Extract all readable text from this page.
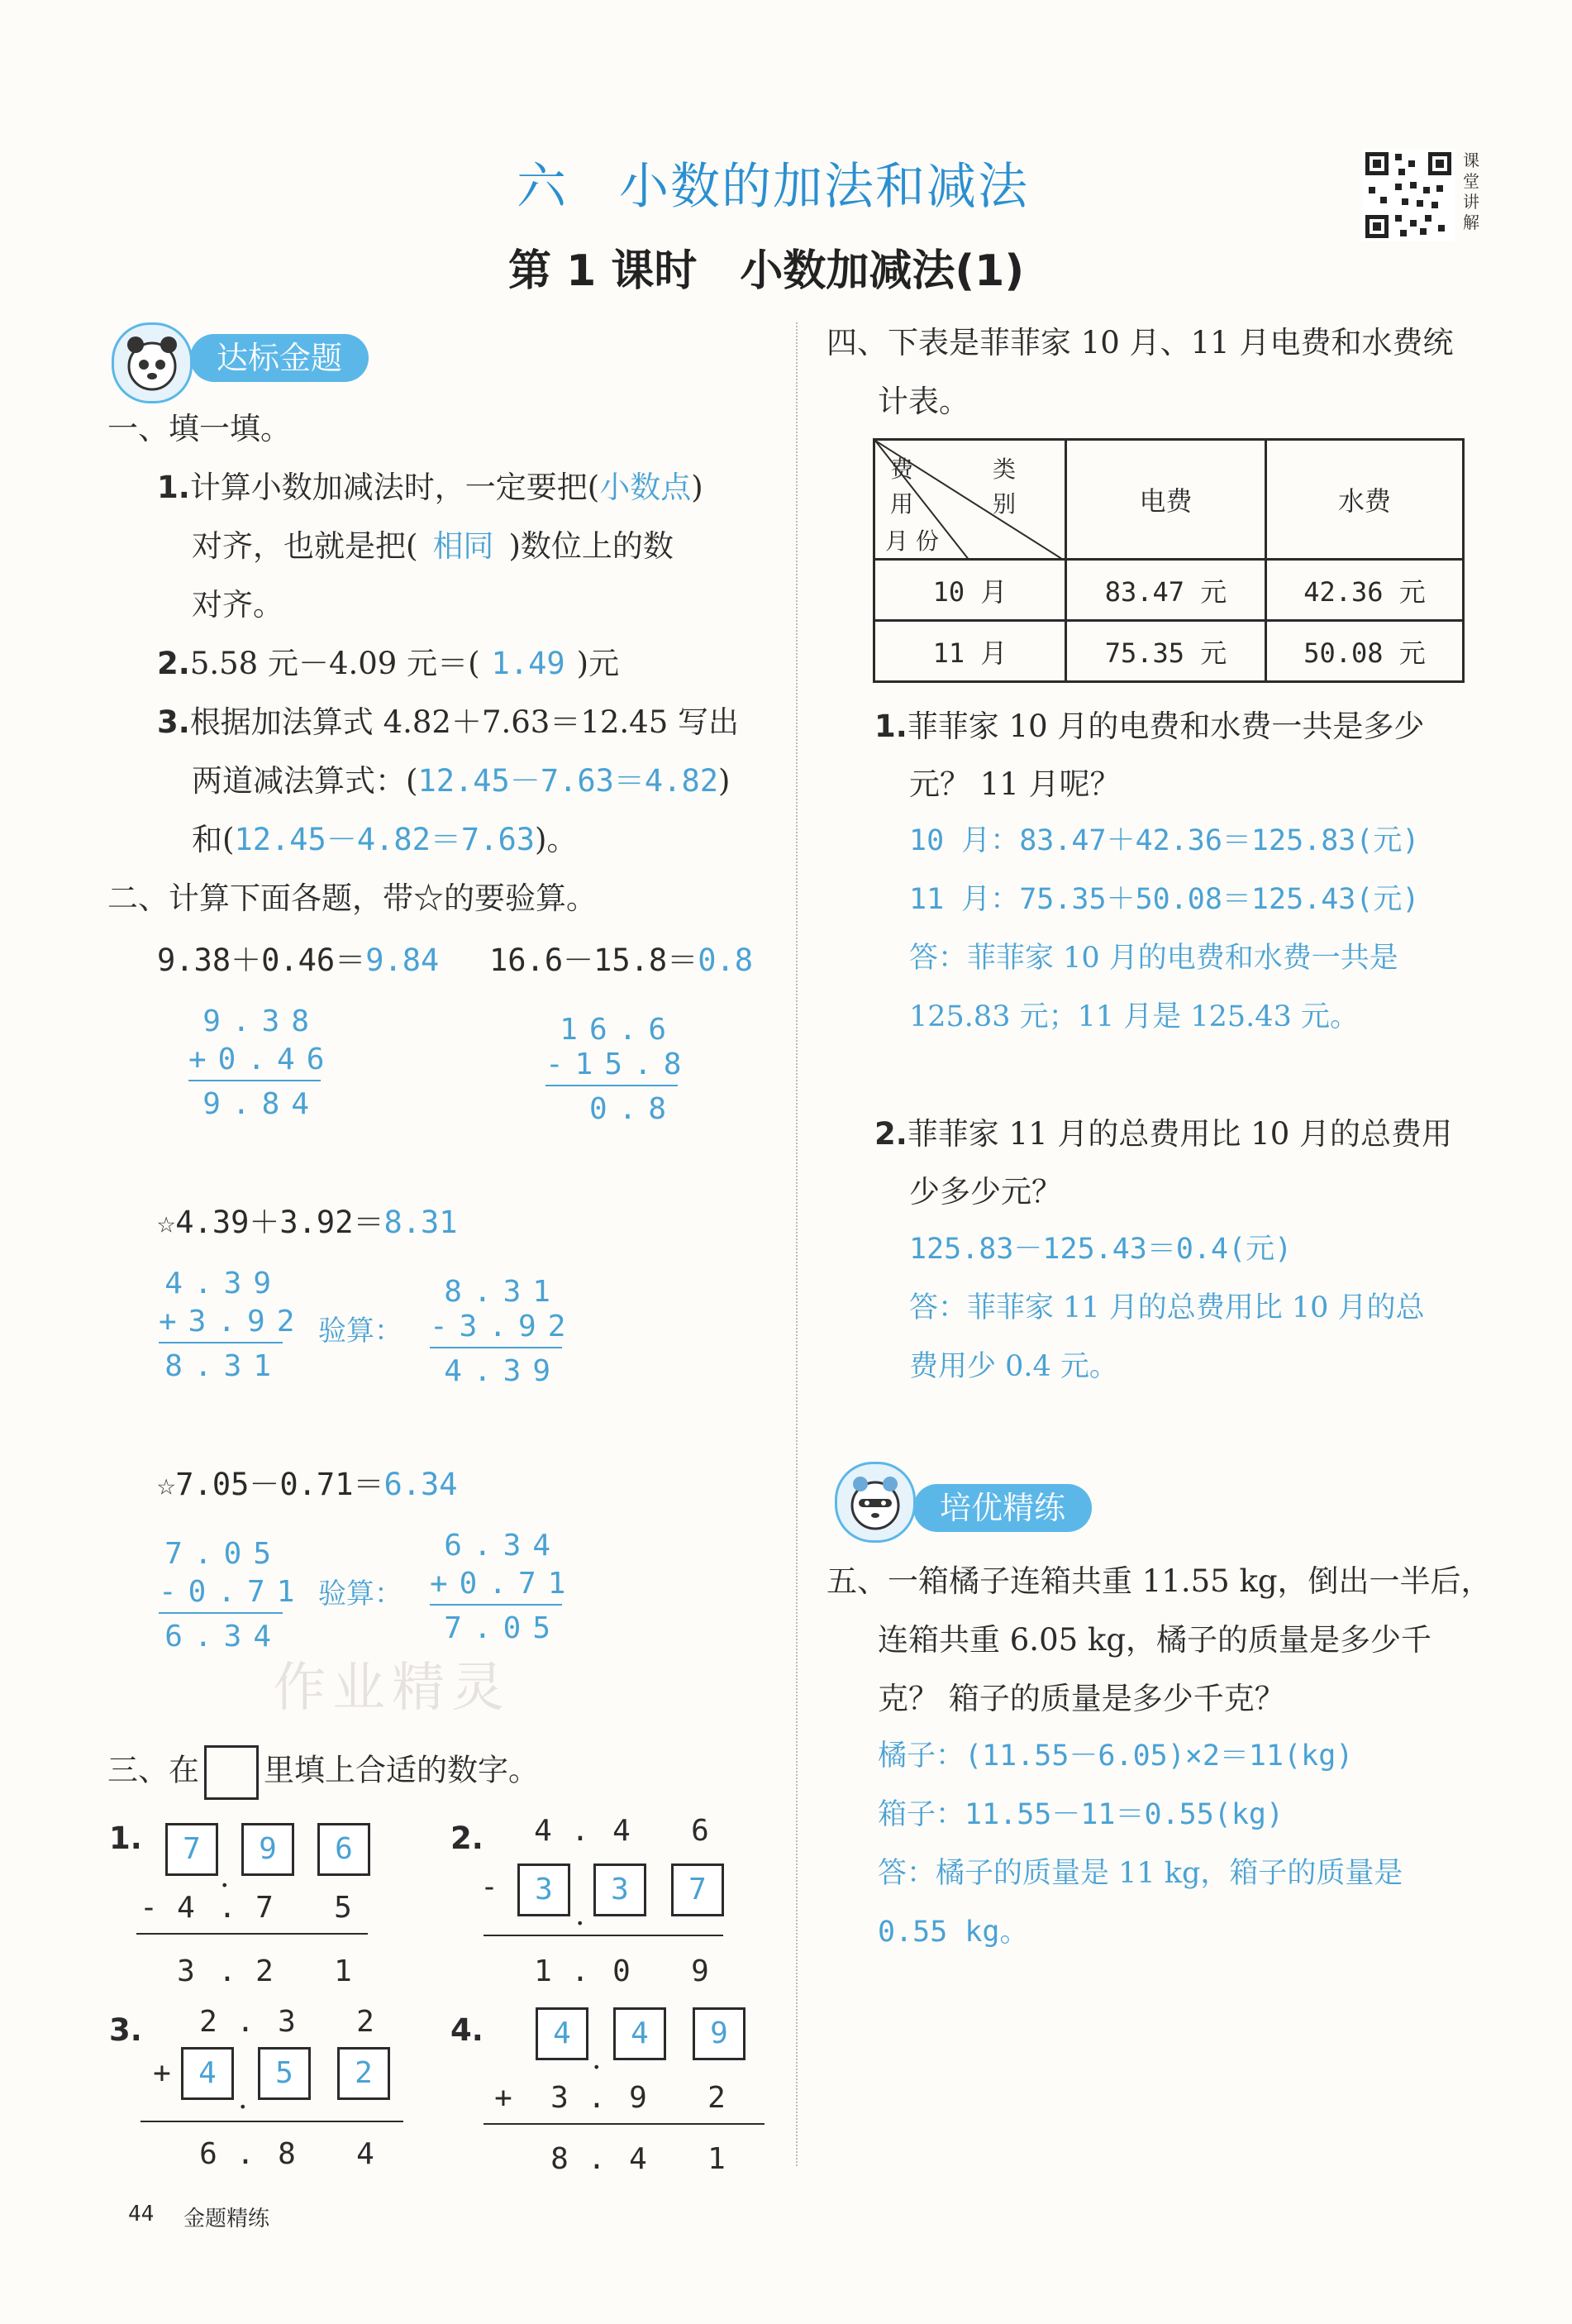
六　小数的加法和减法
第 1 课时　小数加减法(1)
课堂讲解
达标金题
一、填一填。
1.计算小数加减法时，一定要把(小数点)
对齐，也就是把( 相同 )数位上的数
对齐。
2.5.58 元－4.09 元＝( 1.49 )元
3.根据加法算式 4.82＋7.63＝12.45 写出
两道减法算式：(12.45－7.63＝4.82)
和(12.45－4.82＝7.63)。
二、计算下面各题，带☆的要验算。
9.38＋0.46＝9.84 16.6－15.8＝0.8
9.38
+0.46
9.84
16.6
-15.8
0.8
☆4.39＋3.92＝8.31
4.39
+3.92
8.31
验算：
8.31
-3.92
4.39
☆7.05－0.71＝6.34
7.05
-0.71
6.34
验算：
6.34
+0.71
7.05
作业精灵
三、在 里填上合适的数字。
1.	7
.
9	6
- 4 . 7 5
3 . 2 1
2. 4 . 4 6
-	3
.
3	7
1 . 0 9
3. 2 . 3 2
+ 4
.
5	2
6 . 8 4
4.	4
.
4	9
+ 3 . 9 2
8 . 4 1
44 金题精练
四、下表是菲菲家 10 月、11 月电费和水费统
计表。
费　用
类　别
月 份	电费	水费
10 月	83.47 元	42.36 元
11 月	75.35 元	50.08 元
1.菲菲家 10 月的电费和水费一共是多少
元？ 11 月呢？
10 月：83.47＋42.36＝125.83(元)
11 月：75.35＋50.08＝125.43(元)
答：菲菲家 10 月的电费和水费一共是
125.83 元；11 月是 125.43 元。
2.菲菲家 11 月的总费用比 10 月的总费用
少多少元？
125.83－125.43＝0.4(元)
答：菲菲家 11 月的总费用比 10 月的总
费用少 0.4 元。
培优精练
五、一箱橘子连箱共重 11.55 kg，倒出一半后，
连箱共重 6.05 kg，橘子的质量是多少千
克？ 箱子的质量是多少千克？
橘子：(11.55－6.05)×2＝11(kg)
箱子：11.55－11＝0.55(kg)
答：橘子的质量是 11 kg，箱子的质量是
0.55 kg。
